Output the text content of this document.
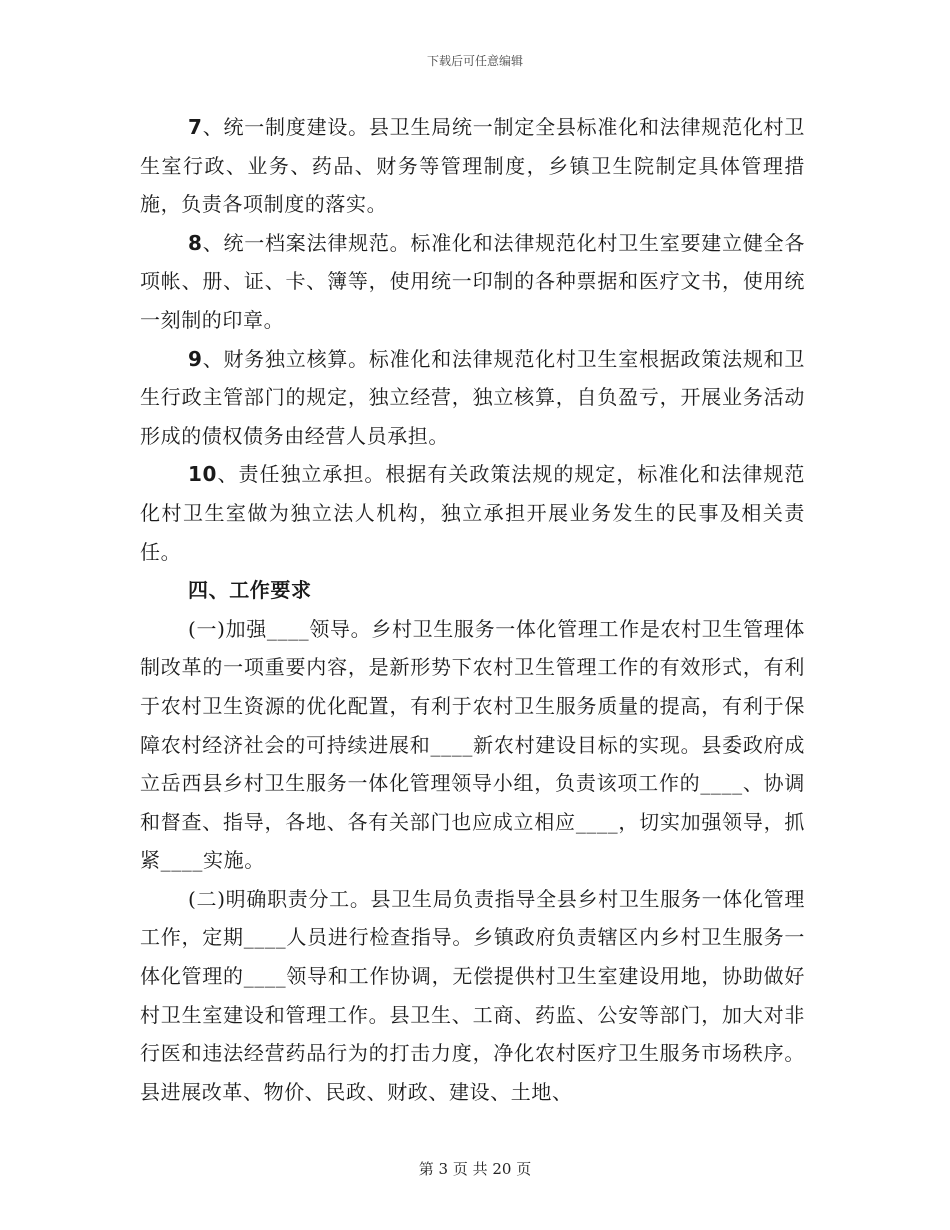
下载后可任意编辑

7、统一制度建设。县卫生局统一制定全县标准化和法律规范化村卫生室行政、业务、药品、财务等管理制度，乡镇卫生院制定具体管理措施，负责各项制度的落实。

8、统一档案法律规范。标准化和法律规范化村卫生室要建立健全各项帐、册、证、卡、簿等，使用统一印制的各种票据和医疗文书，使用统一刻制的印章。

9、财务独立核算。标准化和法律规范化村卫生室根据政策法规和卫生行政主管部门的规定，独立经营，独立核算，自负盈亏，开展业务活动形成的债权债务由经营人员承担。

10、责任独立承担。根据有关政策法规的规定，标准化和法律规范化村卫生室做为独立法人机构，独立承担开展业务发生的民事及相关责任。

四、工作要求

(一)加强____领导。乡村卫生服务一体化管理工作是农村卫生管理体制改革的一项重要内容，是新形势下农村卫生管理工作的有效形式，有利于农村卫生资源的优化配置，有利于农村卫生服务质量的提高，有利于保障农村经济社会的可持续进展和____新农村建设目标的实现。县委政府成立岳西县乡村卫生服务一体化管理领导小组，负责该项工作的____、协调和督查、指导，各地、各有关部门也应成立相应____，切实加强领导，抓紧____实施。

(二)明确职责分工。县卫生局负责指导全县乡村卫生服务一体化管理工作，定期____人员进行检查指导。乡镇政府负责辖区内乡村卫生服务一体化管理的____领导和工作协调，无偿提供村卫生室建设用地，协助做好村卫生室建设和管理工作。县卫生、工商、药监、公安等部门，加大对非行医和违法经营药品行为的打击力度，净化农村医疗卫生服务市场秩序。县进展改革、物价、民政、财政、建设、土地、

第 3 页 共 20 页
